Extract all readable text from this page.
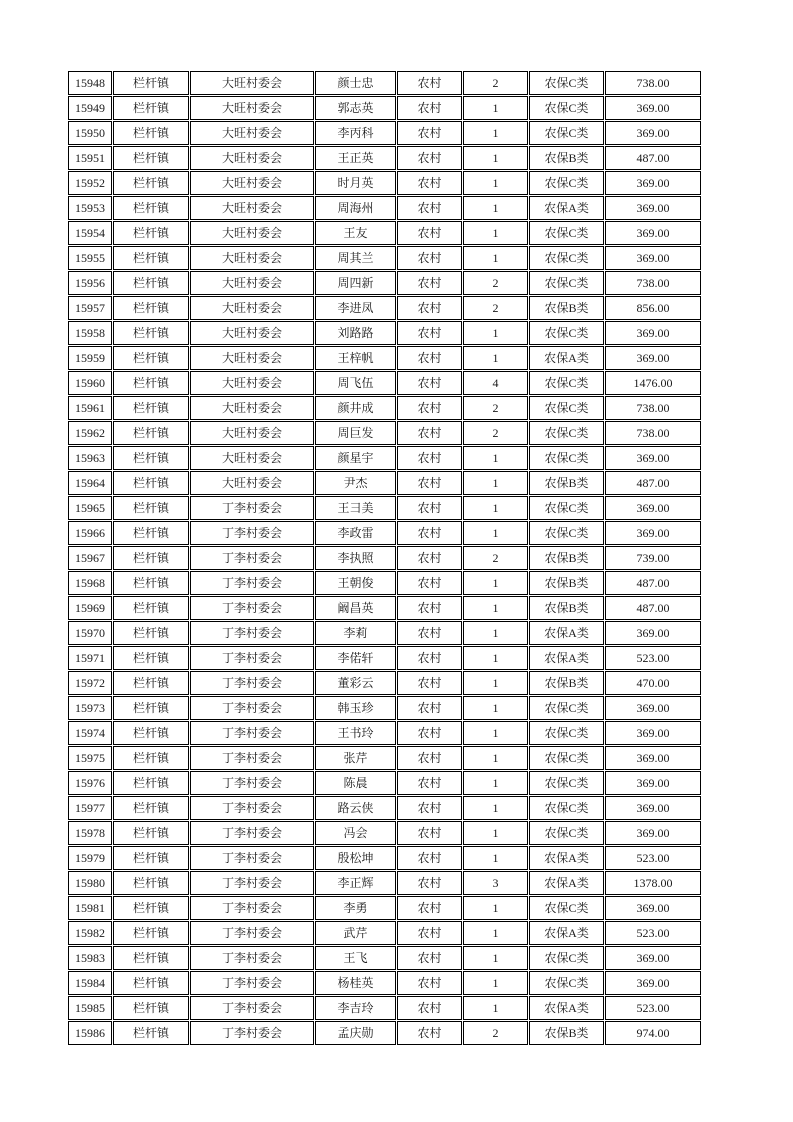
15948	栏杆镇	大旺村委会	颜士忠	农村	2	农保C类	738.00
15949	栏杆镇	大旺村委会	郭志英	农村	1	农保C类	369.00
15950	栏杆镇	大旺村委会	李丙科	农村	1	农保C类	369.00
15951	栏杆镇	大旺村委会	王正英	农村	1	农保B类	487.00
15952	栏杆镇	大旺村委会	时月英	农村	1	农保C类	369.00
15953	栏杆镇	大旺村委会	周海州	农村	1	农保A类	369.00
15954	栏杆镇	大旺村委会	王友	农村	1	农保C类	369.00
15955	栏杆镇	大旺村委会	周其兰	农村	1	农保C类	369.00
15956	栏杆镇	大旺村委会	周四新	农村	2	农保C类	738.00
15957	栏杆镇	大旺村委会	李进凤	农村	2	农保B类	856.00
15958	栏杆镇	大旺村委会	刘路路	农村	1	农保C类	369.00
15959	栏杆镇	大旺村委会	王梓帆	农村	1	农保A类	369.00
15960	栏杆镇	大旺村委会	周飞伍	农村	4	农保C类	1476.00
15961	栏杆镇	大旺村委会	颜井成	农村	2	农保C类	738.00
15962	栏杆镇	大旺村委会	周巨发	农村	2	农保C类	738.00
15963	栏杆镇	大旺村委会	颜星宇	农村	1	农保C类	369.00
15964	栏杆镇	大旺村委会	尹杰	农村	1	农保B类	487.00
15965	栏杆镇	丁李村委会	王彐美	农村	1	农保C类	369.00
15966	栏杆镇	丁李村委会	李政雷	农村	1	农保C类	369.00
15967	栏杆镇	丁李村委会	李执照	农村	2	农保B类	739.00
15968	栏杆镇	丁李村委会	王朝俊	农村	1	农保B类	487.00
15969	栏杆镇	丁李村委会	阚昌英	农村	1	农保B类	487.00
15970	栏杆镇	丁李村委会	李莉	农村	1	农保A类	369.00
15971	栏杆镇	丁李村委会	李偌轩	农村	1	农保A类	523.00
15972	栏杆镇	丁李村委会	董彩云	农村	1	农保B类	470.00
15973	栏杆镇	丁李村委会	韩玉珍	农村	1	农保C类	369.00
15974	栏杆镇	丁李村委会	王书玲	农村	1	农保C类	369.00
15975	栏杆镇	丁李村委会	张芹	农村	1	农保C类	369.00
15976	栏杆镇	丁李村委会	陈晨	农村	1	农保C类	369.00
15977	栏杆镇	丁李村委会	路云侠	农村	1	农保C类	369.00
15978	栏杆镇	丁李村委会	冯会	农村	1	农保C类	369.00
15979	栏杆镇	丁李村委会	殷松坤	农村	1	农保A类	523.00
15980	栏杆镇	丁李村委会	李正辉	农村	3	农保A类	1378.00
15981	栏杆镇	丁李村委会	李勇	农村	1	农保C类	369.00
15982	栏杆镇	丁李村委会	武芹	农村	1	农保A类	523.00
15983	栏杆镇	丁李村委会	王飞	农村	1	农保C类	369.00
15984	栏杆镇	丁李村委会	杨桂英	农村	1	农保C类	369.00
15985	栏杆镇	丁李村委会	李吉玲	农村	1	农保A类	523.00
15986	栏杆镇	丁李村委会	孟庆勋	农村	2	农保B类	974.00
